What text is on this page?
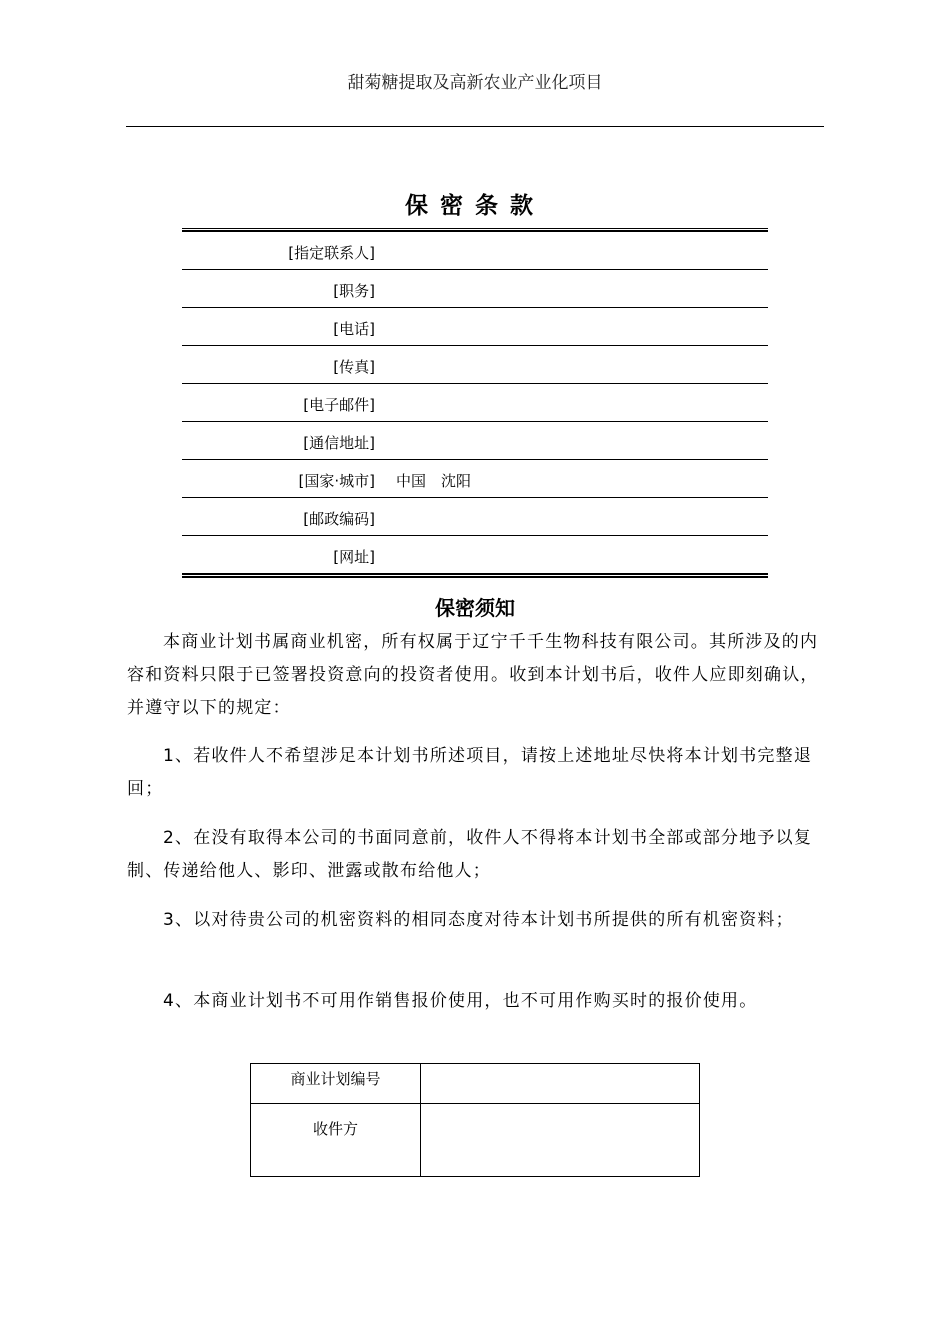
甜菊糖提取及高新农业产业化项目
保密条款
[指定联系人]
[职务]
[电话]
[传真]
[电子邮件]
[通信地址]
[国家·城市] 中国　沈阳
[邮政编码]
[网址]
保密须知
本商业计划书属商业机密，所有权属于辽宁千千生物科技有限公司。其所涉及的内容和资料只限于已签署投资意向的投资者使用。收到本计划书后，收件人应即刻确认，并遵守以下的规定：
1、若收件人不希望涉足本计划书所述项目，请按上述地址尽快将本计划书完整退回；
2、在没有取得本公司的书面同意前，收件人不得将本计划书全部或部分地予以复制、传递给他人、影印、泄露或散布给他人；
3、以对待贵公司的机密资料的相同态度对待本计划书所提供的所有机密资料；
4、本商业计划书不可用作销售报价使用，也不可用作购买时的报价使用。
商业计划编号	
收件方	
